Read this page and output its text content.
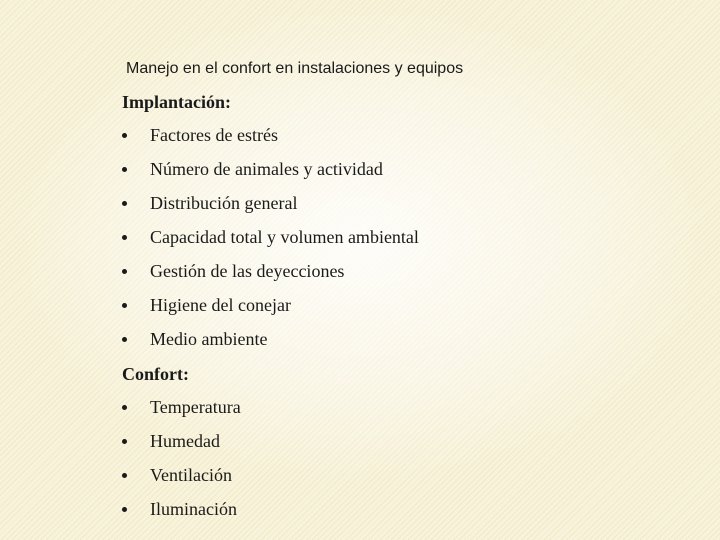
Manejo en el confort en instalaciones y equipos
Implantación:
Factores de estrés
Número de animales y actividad
Distribución general
Capacidad total y volumen ambiental
Gestión de las deyecciones
Higiene del conejar
Medio ambiente
Confort:
Temperatura
Humedad
Ventilación
Iluminación
